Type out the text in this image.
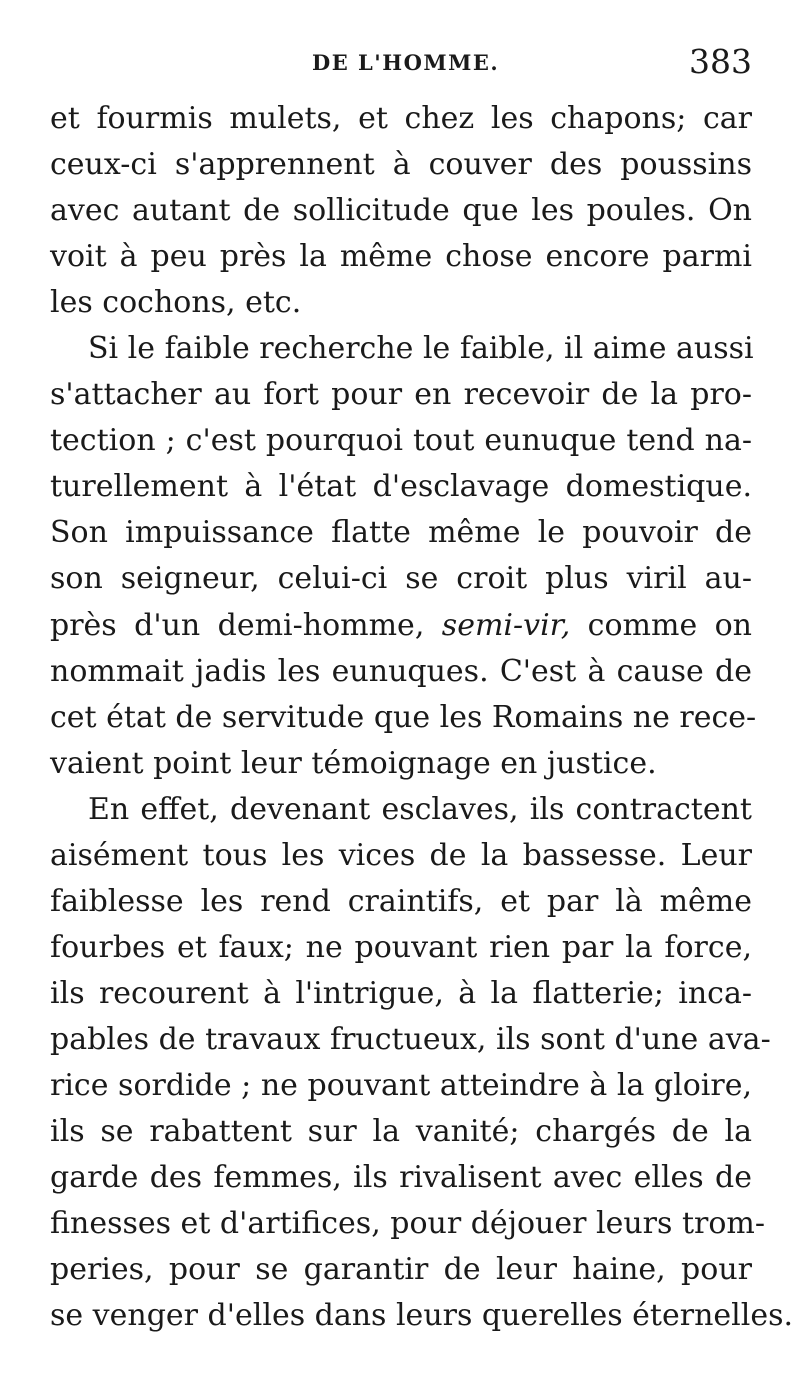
DE L'HOMME.	383
et fourmis mulets, et chez les chapons; car
ceux-ci s'apprennent à couver des poussins
avec autant de sollicitude que les poules. On
voit à peu près la même chose encore parmi
les cochons, etc.
Si le faible recherche le faible, il aime aussi
s'attacher au fort pour en recevoir de la pro-
tection ; c'est pourquoi tout eunuque tend na-
turellement à l'état d'esclavage domestique.
Son impuissance flatte même le pouvoir de
son seigneur, celui-ci se croit plus viril au-
près d'un demi-homme, semi-vir, comme on
nommait jadis les eunuques. C'est à cause de
cet état de servitude que les Romains ne rece-
vaient point leur témoignage en justice.
En effet, devenant esclaves, ils contractent
aisément tous les vices de la bassesse. Leur
faiblesse les rend craintifs, et par là même
fourbes et faux; ne pouvant rien par la force,
ils recourent à l'intrigue, à la flatterie; inca-
pables de travaux fructueux, ils sont d'une ava-
rice sordide ; ne pouvant atteindre à la gloire,
ils se rabattent sur la vanité; chargés de la
garde des femmes, ils rivalisent avec elles de
finesses et d'artifices, pour déjouer leurs trom-
peries, pour se garantir de leur haine, pour
se venger d'elles dans leurs querelles éternelles.
